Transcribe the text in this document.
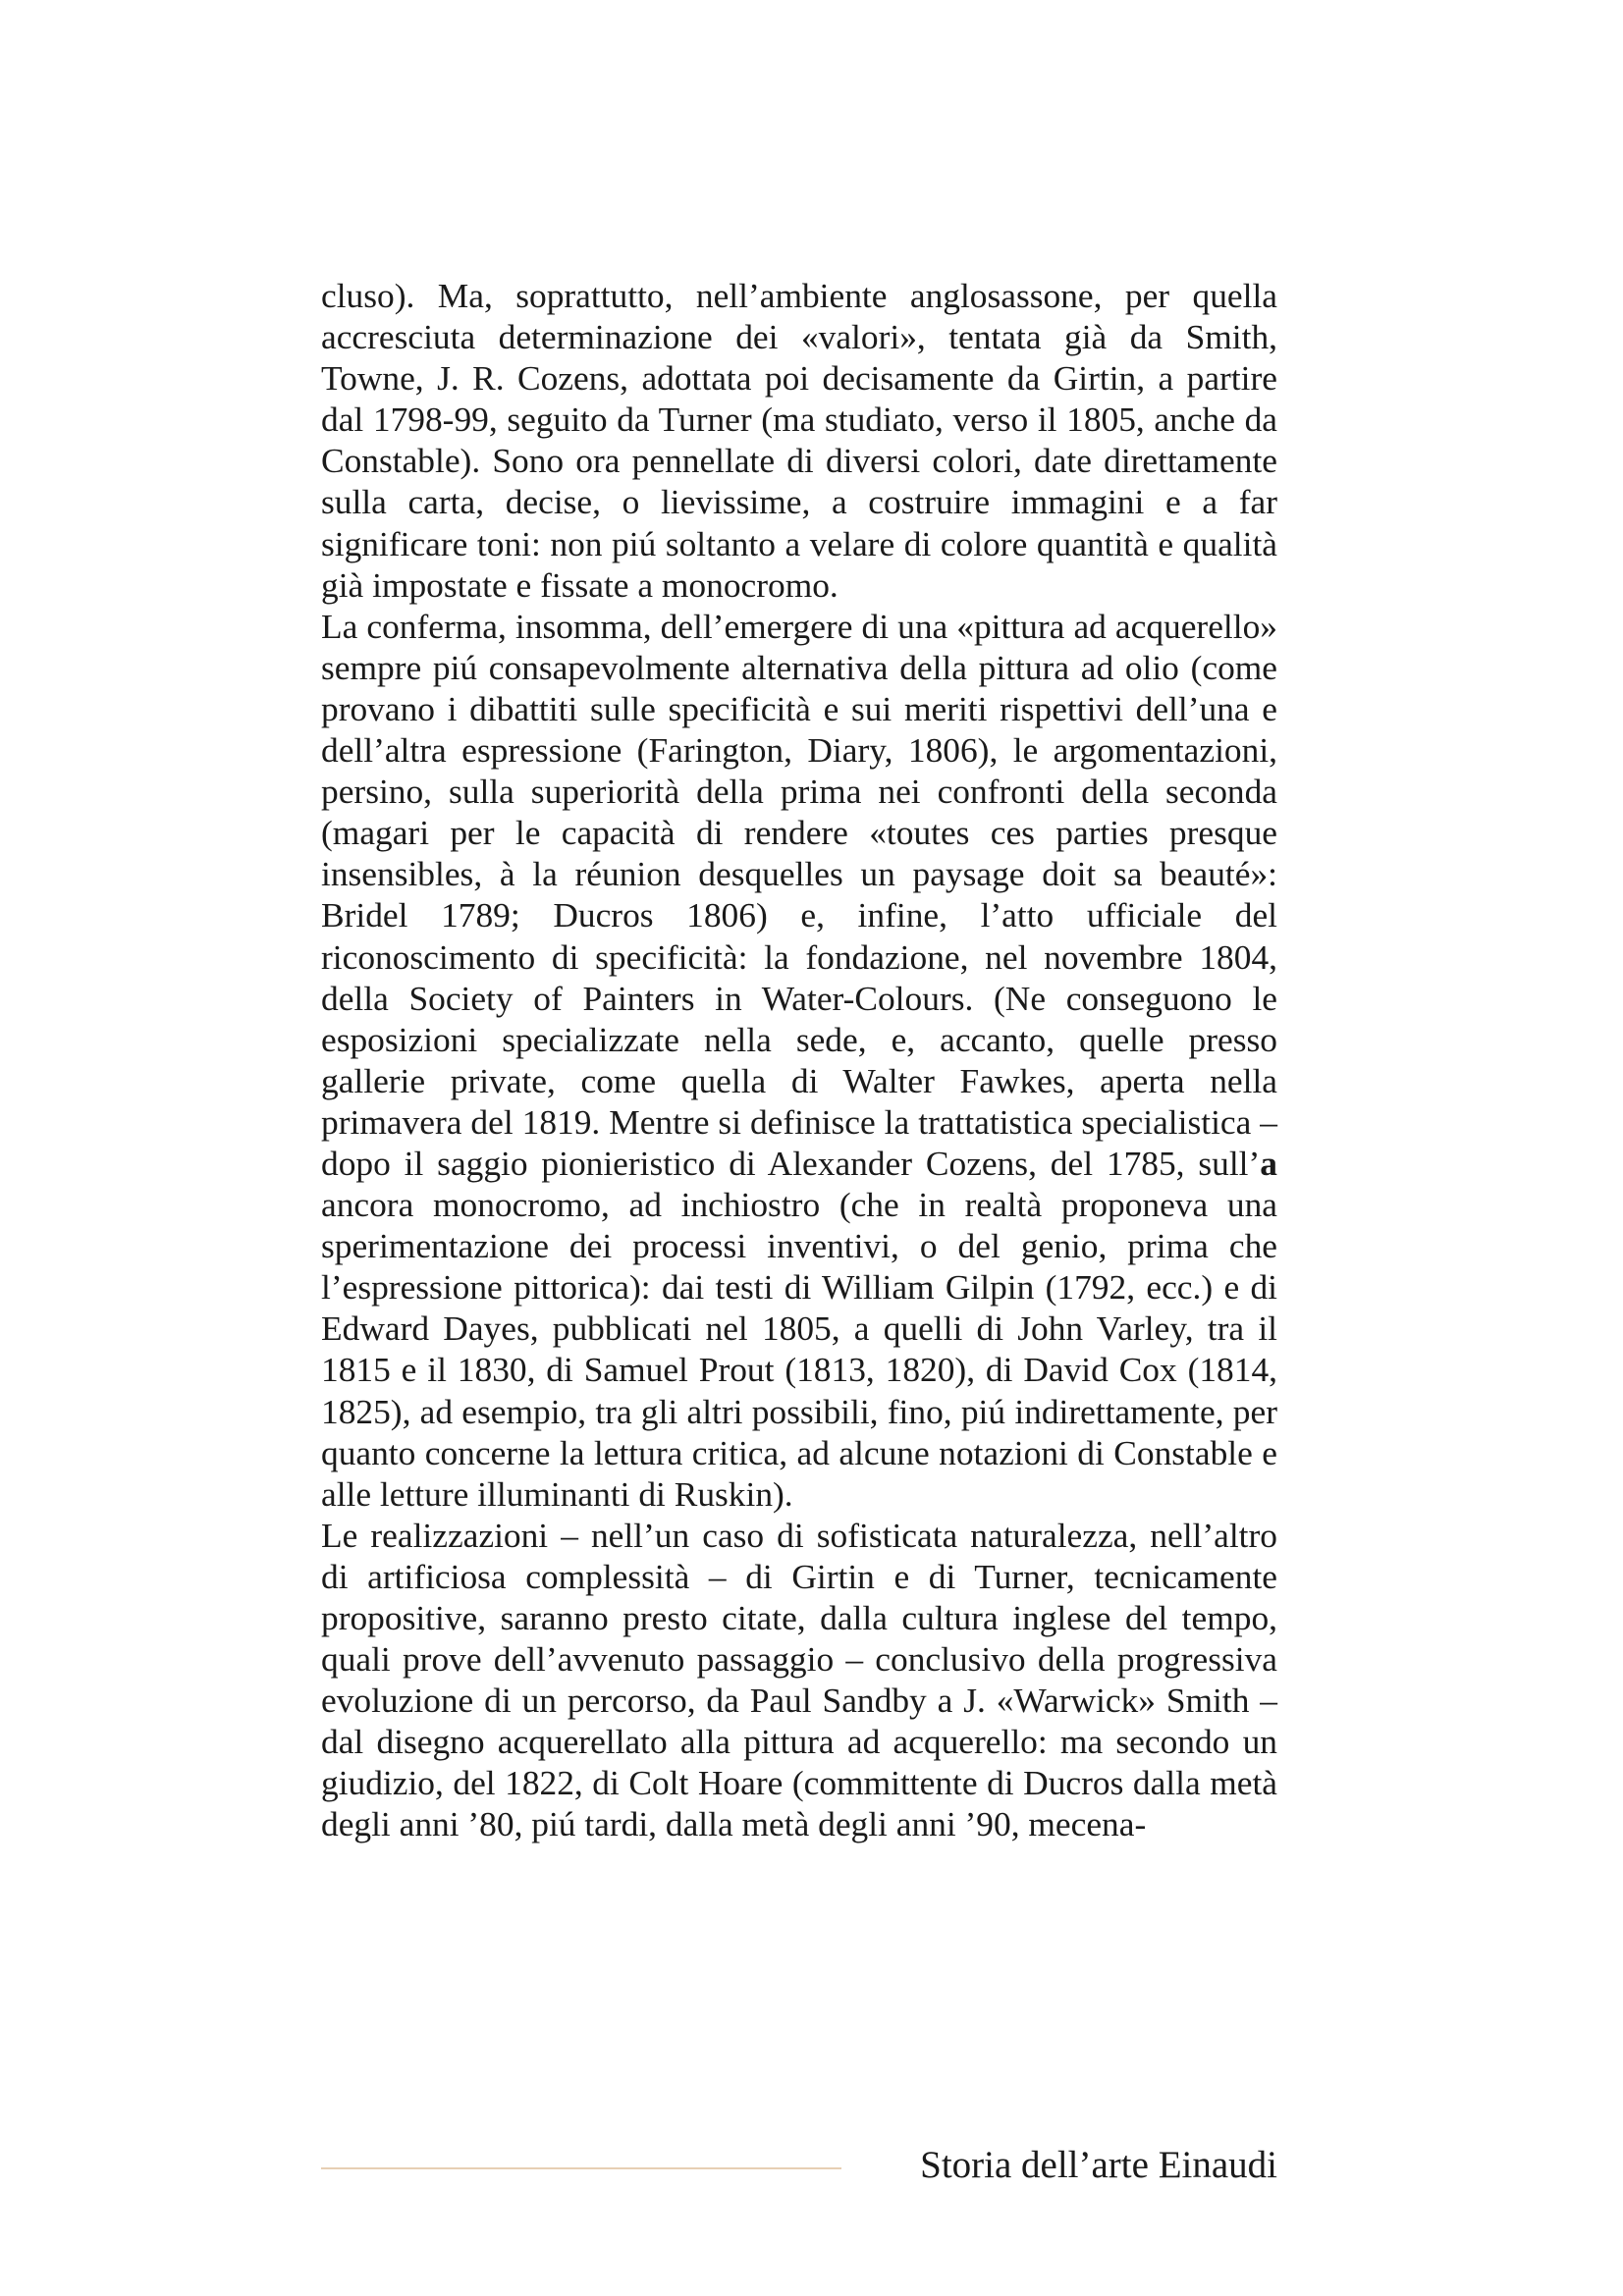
cluso). Ma, soprattutto, nell’ambiente anglosassone, per quella accresciuta determinazione dei «valori», tentata già da Smith, Towne, J. R. Cozens, adottata poi decisamente da Girtin, a partire dal 1798-99, seguito da Turner (ma studiato, verso il 1805, anche da Constable). Sono ora pennellate di diversi colori, date direttamente sulla carta, decise, o lievissime, a costruire immagini e a far significare toni: non piú soltanto a velare di colore quantità e qualità già impostate e fissate a monocromo.

La conferma, insomma, dell’emergere di una «pittura ad acquerello» sempre piú consapevolmente alternativa della pittura ad olio (come provano i dibattiti sulle specificità e sui meriti rispettivi dell’una e dell’altra espressione (Farington, Diary, 1806), le argomentazioni, persino, sulla superiorità della prima nei confronti della seconda (magari per le capacità di rendere «toutes ces parties presque insensibles, à la réunion desquelles un paysage doit sa beauté»: Bridel 1789; Ducros 1806) e, infine, l’atto ufficiale del riconoscimento di specificità: la fondazione, nel novembre 1804, della Society of Painters in Water-Colours. (Ne conseguono le esposizioni specializzate nella sede, e, accanto, quelle presso gallerie private, come quella di Walter Fawkes, aperta nella primavera del 1819. Mentre si definisce la trattatistica specialistica – dopo il saggio pionieristico di Alexander Cozens, del 1785, sull’a ancora monocromo, ad inchiostro (che in realtà proponeva una sperimentazione dei processi inventivi, o del genio, prima che l’espressione pittorica): dai testi di William Gilpin (1792, ecc.) e di Edward Dayes, pubblicati nel 1805, a quelli di John Varley, tra il 1815 e il 1830, di Samuel Prout (1813, 1820), di David Cox (1814, 1825), ad esempio, tra gli altri possibili, fino, piú indirettamente, per quanto concerne la lettura critica, ad alcune notazioni di Constable e alle letture illuminanti di Ruskin).

Le realizzazioni – nell’un caso di sofisticata naturalezza, nell’altro di artificiosa complessità – di Girtin e di Turner, tecnicamente propositive, saranno presto citate, dalla cultura inglese del tempo, quali prove dell’avvenuto passaggio – conclusivo della progressiva evoluzione di un percorso, da Paul Sandby a J. «Warwick» Smith – dal disegno acquerellato alla pittura ad acquerello: ma secondo un giudizio, del 1822, di Colt Hoare (committente di Ducros dalla metà degli anni ’80, piú tardi, dalla metà degli anni ’90, mecena-

Storia dell’arte Einaudi
